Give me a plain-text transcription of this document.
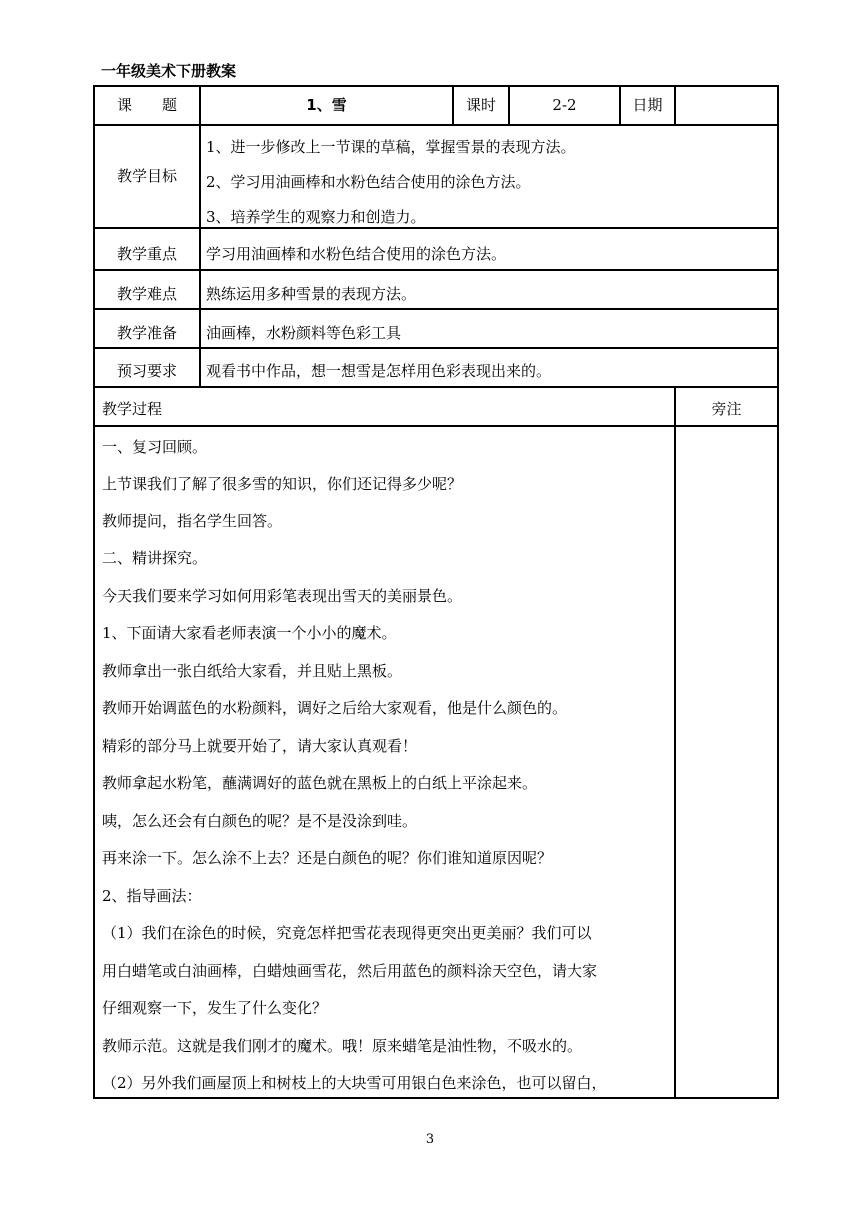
一年级美术下册教案
课　　题	1、雪	课时	2-2	日期
教学目标
1、进一步修改上一节课的草稿，掌握雪景的表现方法。
2、学习用油画棒和水粉色结合使用的涂色方法。
3、培养学生的观察力和创造力。
教学重点	学习用油画棒和水粉色结合使用的涂色方法。
教学难点	熟练运用多种雪景的表现方法。
教学准备	油画棒，水粉颜料等色彩工具
预习要求	观看书中作品，想一想雪是怎样用色彩表现出来的。
教学过程	旁注
一、复习回顾。
上节课我们了解了很多雪的知识，你们还记得多少呢？
教师提问，指名学生回答。
二、精讲探究。
今天我们要来学习如何用彩笔表现出雪天的美丽景色。
1、下面请大家看老师表演一个小小的魔术。
教师拿出一张白纸给大家看，并且贴上黑板。
教师开始调蓝色的水粉颜料，调好之后给大家观看，他是什么颜色的。
精彩的部分马上就要开始了，请大家认真观看！
教师拿起水粉笔，蘸满调好的蓝色就在黑板上的白纸上平涂起来。
咦，怎么还会有白颜色的呢？是不是没涂到哇。
再来涂一下。怎么涂不上去？还是白颜色的呢？你们谁知道原因呢？
2、指导画法：
（1）我们在涂色的时候，究竟怎样把雪花表现得更突出更美丽？我们可以
用白蜡笔或白油画棒，白蜡烛画雪花，然后用蓝色的颜料涂天空色，请大家
仔细观察一下，发生了什么变化？
教师示范。这就是我们刚才的魔术。哦！原来蜡笔是油性物，不吸水的。
（2）另外我们画屋顶上和树枝上的大块雪可用银白色来涂色，也可以留白，
3
